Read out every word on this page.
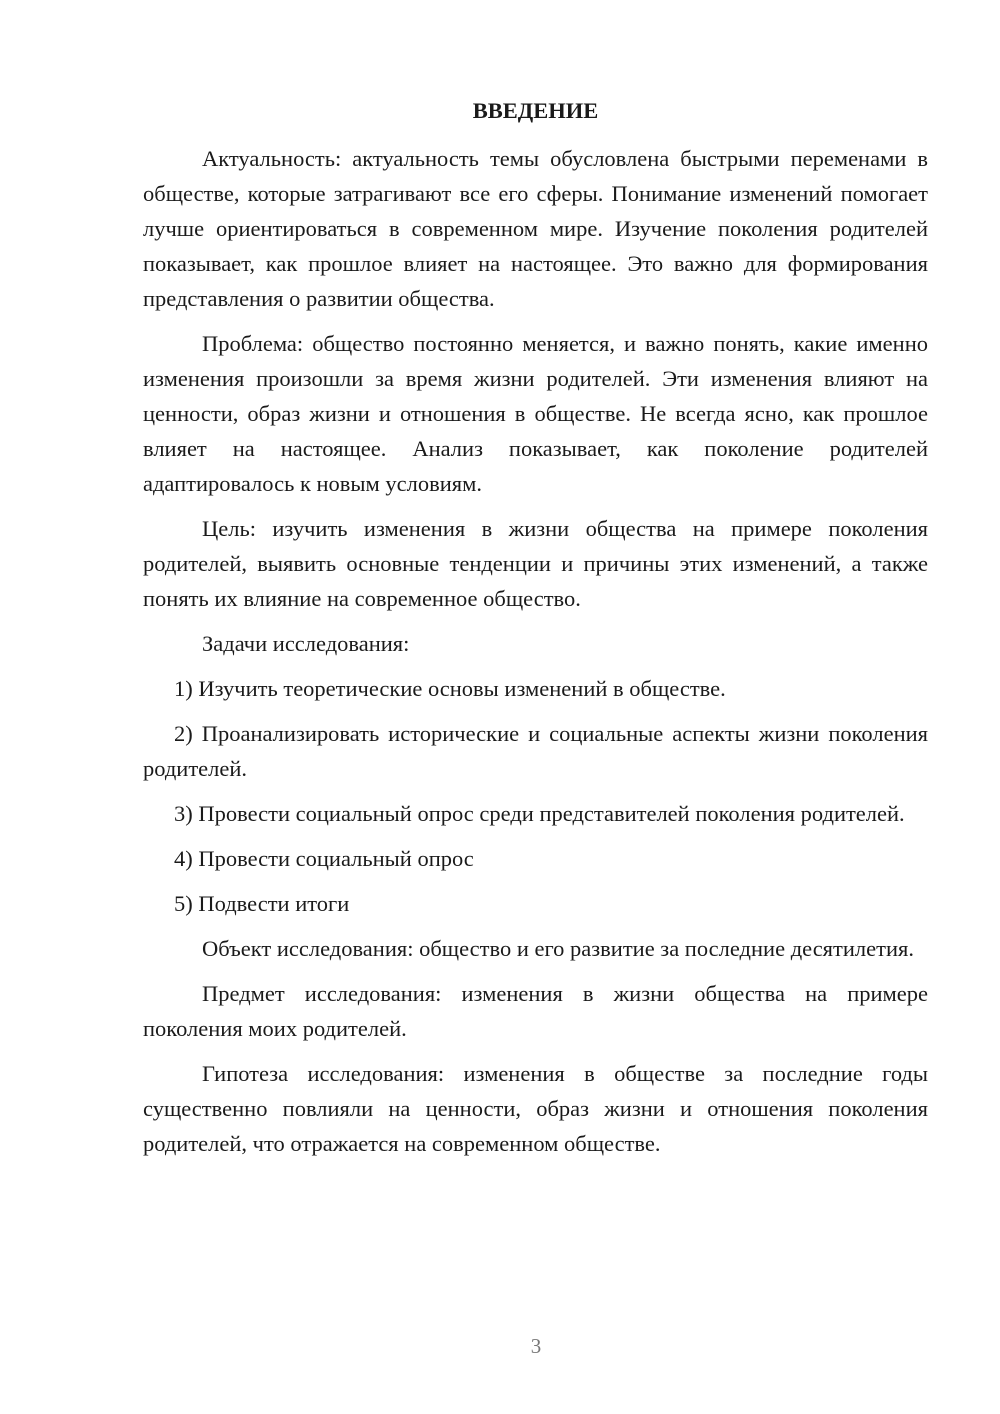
ВВЕДЕНИЕ

Актуальность: актуальность темы обусловлена быстрыми переменами в обществе, которые затрагивают все его сферы. Понимание изменений помогает лучше ориентироваться в современном мире. Изучение поколения родителей показывает, как прошлое влияет на настоящее. Это важно для формирования представления о развитии общества.

Проблема: общество постоянно меняется, и важно понять, какие именно изменения произошли за время жизни родителей. Эти изменения влияют на ценности, образ жизни и отношения в обществе. Не всегда ясно, как прошлое влияет на настоящее. Анализ показывает, как поколение родителей адаптировалось к новым условиям.

Цель: изучить изменения в жизни общества на примере поколения родителей, выявить основные тенденции и причины этих изменений, а также понять их влияние на современное общество.

Задачи исследования:

1) Изучить теоретические основы изменений в обществе.

2) Проанализировать исторические и социальные аспекты жизни поколения родителей.

3) Провести социальный опрос среди представителей поколения родителей.

4) Провести социальный опрос

5) Подвести итоги

Объект исследования: общество и его развитие за последние десятилетия.

Предмет исследования: изменения в жизни общества на примере поколения моих родителей.

Гипотеза исследования: изменения в обществе за последние годы существенно повлияли на ценности, образ жизни и отношения поколения родителей, что отражается на современном обществе.

3
